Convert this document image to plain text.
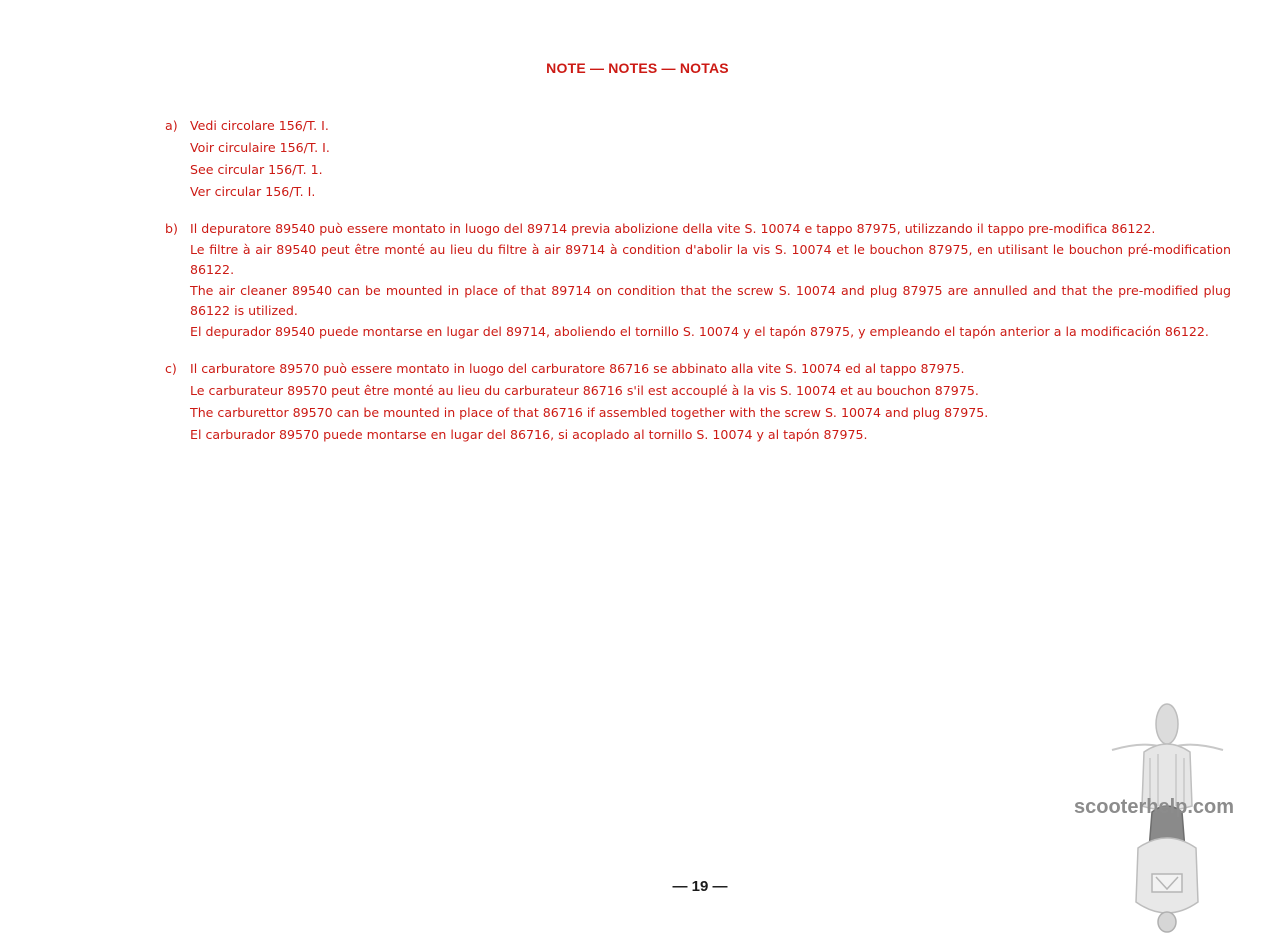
NOTE — NOTES — NOTAS
a) Vedi circolare 156/T. I.
Voir circulaire 156/T. I.
See circular 156/T. 1.
Ver circular 156/T. I.
b) Il depuratore 89540 può essere montato in luogo del 89714 previa abolizione della vite S. 10074 e tappo 87975, utilizzando il tappo pre-modifica 86122.
Le filtre à air 89540 peut être monté au lieu du filtre à air 89714 à condition d'abolir la vis S. 10074 et le bouchon 87975, en utilisant le bouchon pré-modification 86122.
The air cleaner 89540 can be mounted in place of that 89714 on condition that the screw S. 10074 and plug 87975 are annulled and that the pre-modified plug 86122 is utilized.
El depurador 89540 puede montarse en lugar del 89714, aboliendo el tornillo S. 10074 y el tapón 87975, y empleando el tapón anterior a la modificación 86122.
c)	Il carburatore 89570 può essere montato in luogo del carburatore 86716 se abbinato alla vite S. 10074 ed al tappo 87975.
Le carburateur 89570 peut être monté au lieu du carburateur 86716 s'il est accouplé à la vis S. 10074 et au bouchon 87975.
The carburettor 89570 can be mounted in place of that 86716 if assembled together with the screw S. 10074 and plug 87975.
El carburador 89570 puede montarse en lugar del 86716, si acoplado al tornillo S. 10074 y al tapón 87975.
— 19 —
scooterhelp.com
